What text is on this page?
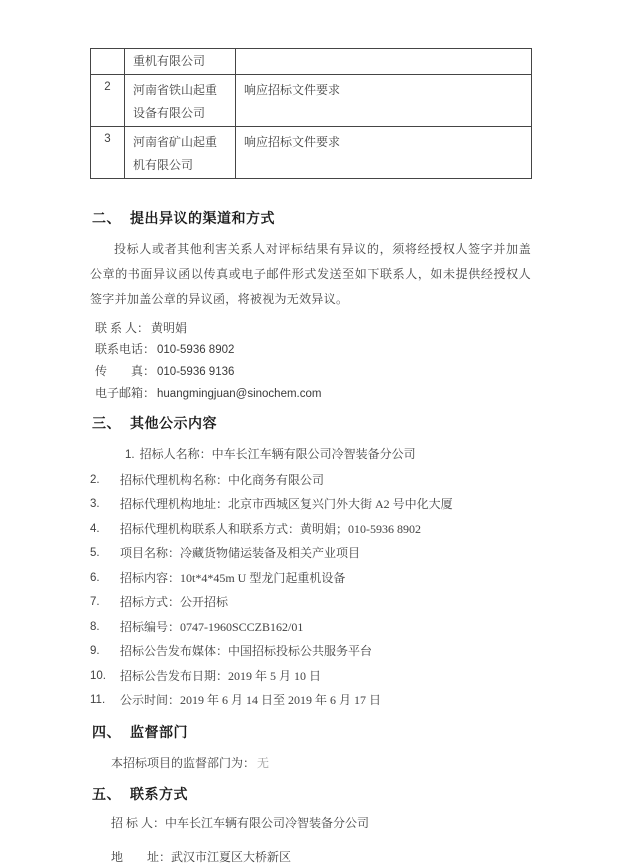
	重机有限公司	
2	河南省铁山起重设备有限公司	响应招标文件要求
3	河南省矿山起重机有限公司	响应招标文件要求
二、 提出异议的渠道和方式
投标人或者其他利害关系人对评标结果有异议的，须将经授权人签字并加盖公章的书面异议函以传真或电子邮件形式发送至如下联系人，如未提供经授权人签字并加盖公章的异议函，将被视为无效异议。
联 系 人： 黄明娟
联系电话： 010-5936 8902
传　　真： 010-5936 9136
电子邮箱： huangmingjuan@sinochem.com
三、 其他公示内容
1. 招标人名称：中车长江车辆有限公司冷智装备分公司
2.	招标代理机构名称：中化商务有限公司
3.	招标代理机构地址：北京市西城区复兴门外大街 A2 号中化大厦
4.	招标代理机构联系人和联系方式：黄明娟；010-5936 8902
5.	项目名称：冷藏货物储运装备及相关产业项目
6.	招标内容：10t*4*45m U 型龙门起重机设备
7.	招标方式：公开招标
8.	招标编号：0747-1960SCCZB162/01
9.	招标公告发布媒体：中国招标投标公共服务平台
10.	招标公告发布日期：2019 年 5 月 10 日
11.	公示时间：2019 年 6 月 14 日至 2019 年 6 月 17 日
四、 监督部门
本招标项目的监督部门为： 无
五、 联系方式
招 标 人：中车长江车辆有限公司冷智装备分公司
地　　址：武汉市江夏区大桥新区
